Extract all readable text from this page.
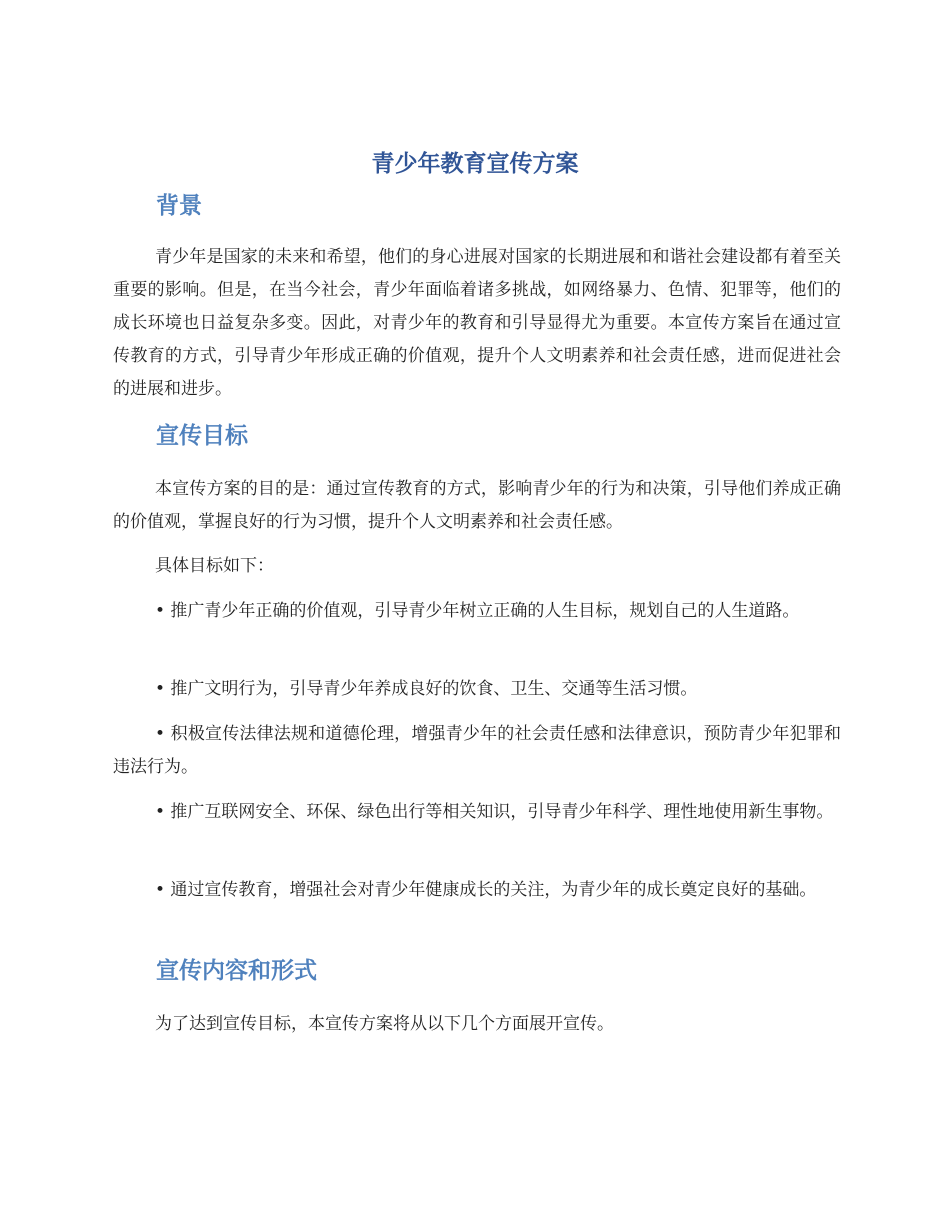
青少年教育宣传方案
背景

青少年是国家的未来和希望，他们的身心进展对国家的长期进展和和谐社会建设都有着至关重要的影响。但是，在当今社会，青少年面临着诸多挑战，如网络暴力、色情、犯罪等，他们的成长环境也日益复杂多变。因此，对青少年的教育和引导显得尤为重要。本宣传方案旨在通过宣传教育的方式，引导青少年形成正确的价值观，提升个人文明素养和社会责任感，进而促进社会的进展和进步。

宣传目标

本宣传方案的目的是：通过宣传教育的方式，影响青少年的行为和决策，引导他们养成正确的价值观，掌握良好的行为习惯，提升个人文明素养和社会责任感。

具体目标如下：

• 推广青少年正确的价值观，引导青少年树立正确的人生目标，规划自己的人生道路。

• 推广文明行为，引导青少年养成良好的饮食、卫生、交通等生活习惯。

• 积极宣传法律法规和道德伦理，增强青少年的社会责任感和法律意识，预防青少年犯罪和违法行为。

• 推广互联网安全、环保、绿色出行等相关知识，引导青少年科学、理性地使用新生事物。

• 通过宣传教育，增强社会对青少年健康成长的关注，为青少年的成长奠定良好的基础。

宣传内容和形式

为了达到宣传目标，本宣传方案将从以下几个方面展开宣传。
